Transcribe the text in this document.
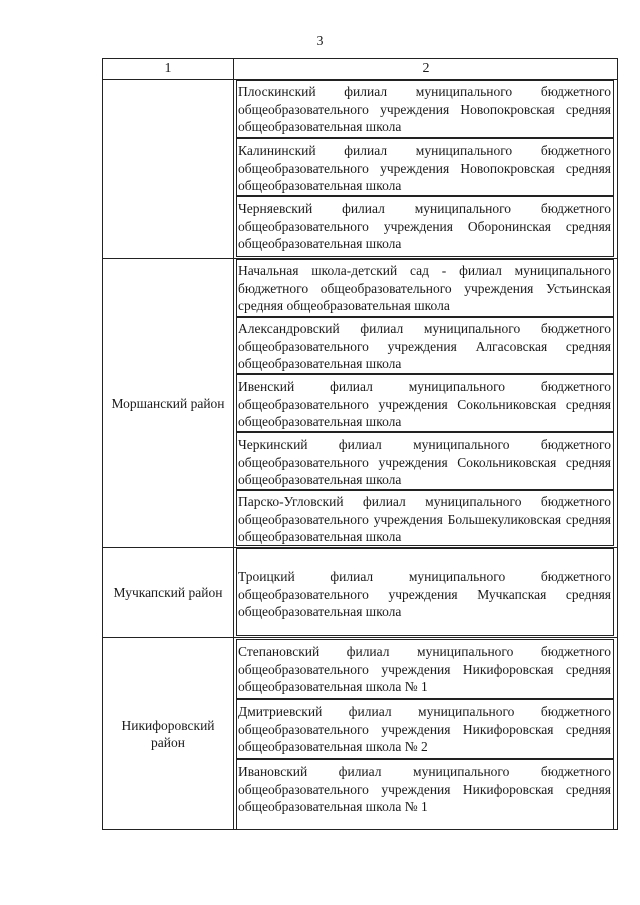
3
1	2
Моршанский район
Мучкапский район
Никифоровский район
Плоскинский филиал муниципального бюджетного общеобразовательного учреждения Новопокровская средняя общеобразовательная школа
Калининский филиал муниципального бюджетного общеобразовательного учреждения Новопокровская средняя общеобразовательная школа
Черняевский филиал муниципального бюджетного общеобразовательного учреждения Оборонинская средняя общеобразовательная школа
Начальная школа-детский сад - филиал муниципального бюджетного общеобразовательного учреждения Устьинская средняя общеобразовательная школа
Александровский филиал муниципального бюджетного общеобразовательного учреждения Алгасовская средняя общеобразовательная школа
Ивенский филиал муниципального бюджетного общеобразовательного учреждения Сокольниковская средняя общеобразовательная школа
Черкинский филиал муниципального бюджетного общеобразовательного учреждения Сокольниковская средняя общеобразовательная школа
Парско-Угловский филиал муниципального бюджетного общеобразовательного учреждения Большекуликовская средняя общеобразовательная школа
Троицкий филиал муниципального бюджетного общеобразовательного учреждения Мучкапская средняя общеобразовательная школа
Степановский филиал муниципального бюджетного общеобразовательного учреждения Никифоровская средняя общеобразовательная школа № 1
Дмитриевский филиал муниципального бюджетного общеобразовательного учреждения Никифоровская средняя общеобразовательная школа № 2
Ивановский филиал муниципального бюджетного общеобразовательного учреждения Никифоровская средняя общеобразовательная школа № 1
